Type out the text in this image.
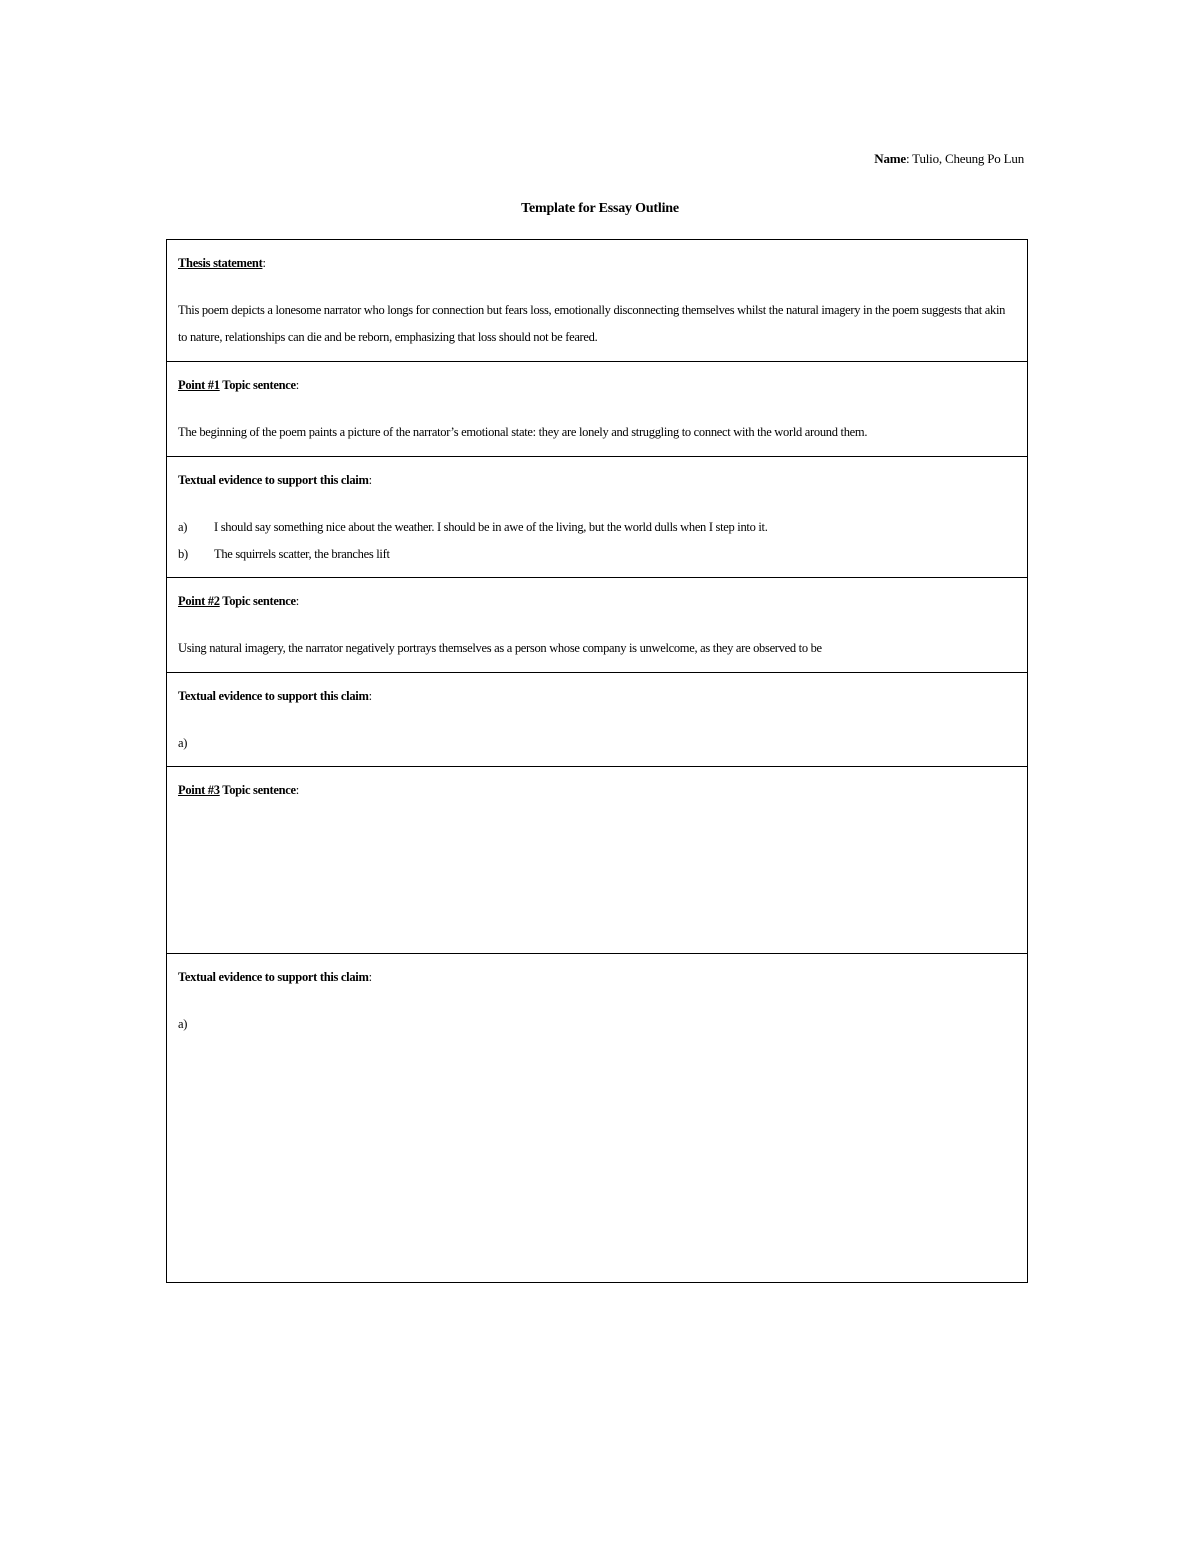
Name: Tulio, Cheung Po Lun
Template for Essay Outline
Thesis statement:
This poem depicts a lonesome narrator who longs for connection but fears loss, emotionally disconnecting themselves whilst the natural imagery in the poem suggests that akin to nature, relationships can die and be reborn, emphasizing that loss should not be feared.
Point #1 Topic sentence:
The beginning of the poem paints a picture of the narrator’s emotional state: they are lonely and struggling to connect with the world around them.
Textual evidence to support this claim:
a)	I should say something nice about the weather. I should be in awe of the living, but the world dulls when I step into it.
b)	The squirrels scatter, the branches lift
Point #2 Topic sentence:
Using natural imagery, the narrator negatively portrays themselves as a person whose company is unwelcome, as they are observed to be
Textual evidence to support this claim:
a)
Point #3 Topic sentence:
Textual evidence to support this claim:
a)
